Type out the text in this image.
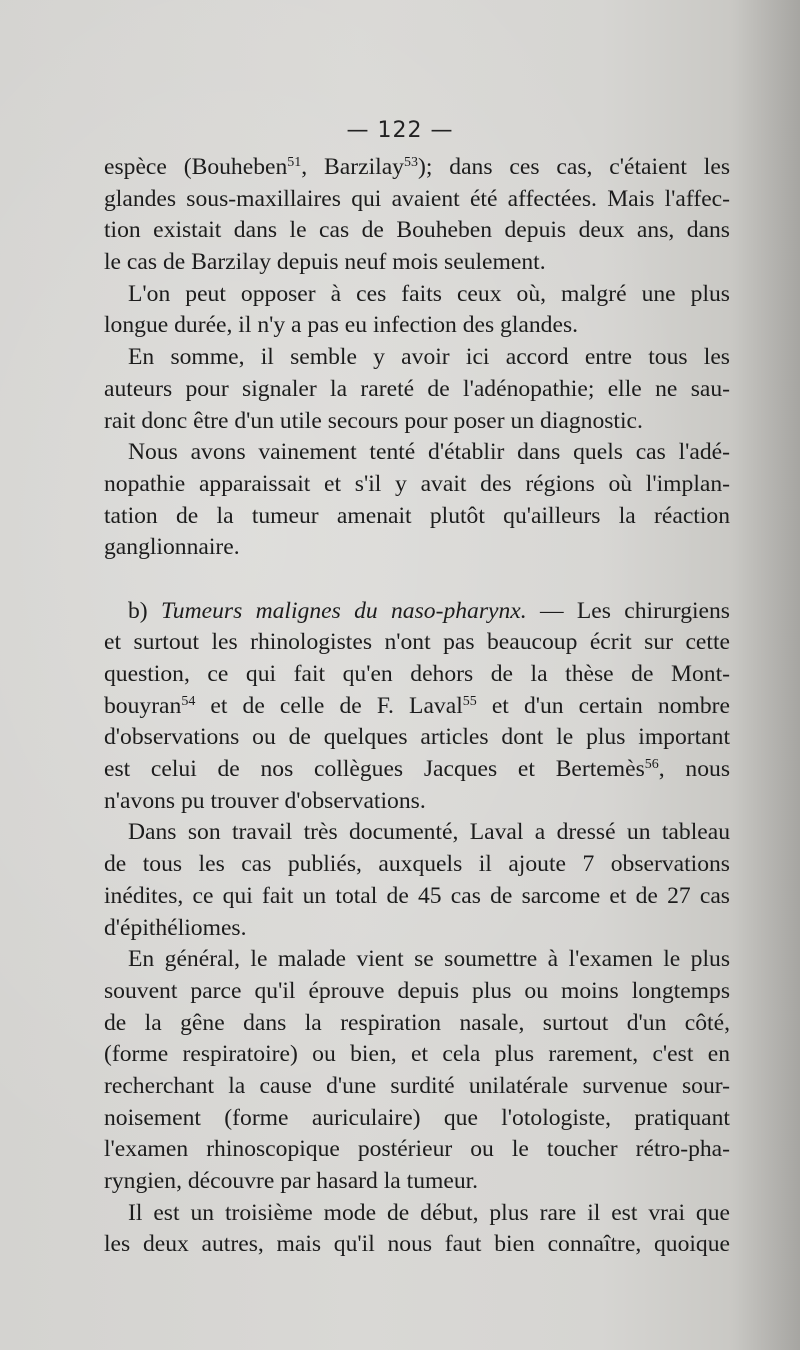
— 122 —
espèce (Bouheben$^{51}$, Barzilay$^{53}$); dans ces cas, c'étaient les
glandes sous-maxillaires qui avaient été affectées. Mais l'affec-
tion existait dans le cas de Bouheben depuis deux ans, dans
le cas de Barzilay depuis neuf mois seulement.
L'on peut opposer à ces faits ceux où, malgré une plus
longue durée, il n'y a pas eu infection des glandes.
En somme, il semble y avoir ici accord entre tous les
auteurs pour signaler la rareté de l'adénopathie; elle ne sau-
rait donc être d'un utile secours pour poser un diagnostic.
Nous avons vainement tenté d'établir dans quels cas l'adé-
nopathie apparaissait et s'il y avait des régions où l'implan-
tation de la tumeur amenait plutôt qu'ailleurs la réaction
ganglionnaire.
b) Tumeurs malignes du naso-pharynx. — Les chirurgiens
et surtout les rhinologistes n'ont pas beaucoup écrit sur cette
question, ce qui fait qu'en dehors de la thèse de Mont-
bouyran$^{54}$ et de celle de F. Laval$^{55}$ et d'un certain nombre
d'observations ou de quelques articles dont le plus important
est celui de nos collègues Jacques et Bertemès$^{56}$, nous
n'avons pu trouver d'observations.
Dans son travail très documenté, Laval a dressé un tableau
de tous les cas publiés, auxquels il ajoute 7 observations
inédites, ce qui fait un total de 45 cas de sarcome et de 27 cas
d'épithéliomes.
En général, le malade vient se soumettre à l'examen le plus
souvent parce qu'il éprouve depuis plus ou moins longtemps
de la gêne dans la respiration nasale, surtout d'un côté,
(forme respiratoire) ou bien, et cela plus rarement, c'est en
recherchant la cause d'une surdité unilatérale survenue sour-
noisement (forme auriculaire) que l'otologiste, pratiquant
l'examen rhinoscopique postérieur ou le toucher rétro-pha-
ryngien, découvre par hasard la tumeur.
Il est un troisième mode de début, plus rare il est vrai que
les deux autres, mais qu'il nous faut bien connaître, quoique
